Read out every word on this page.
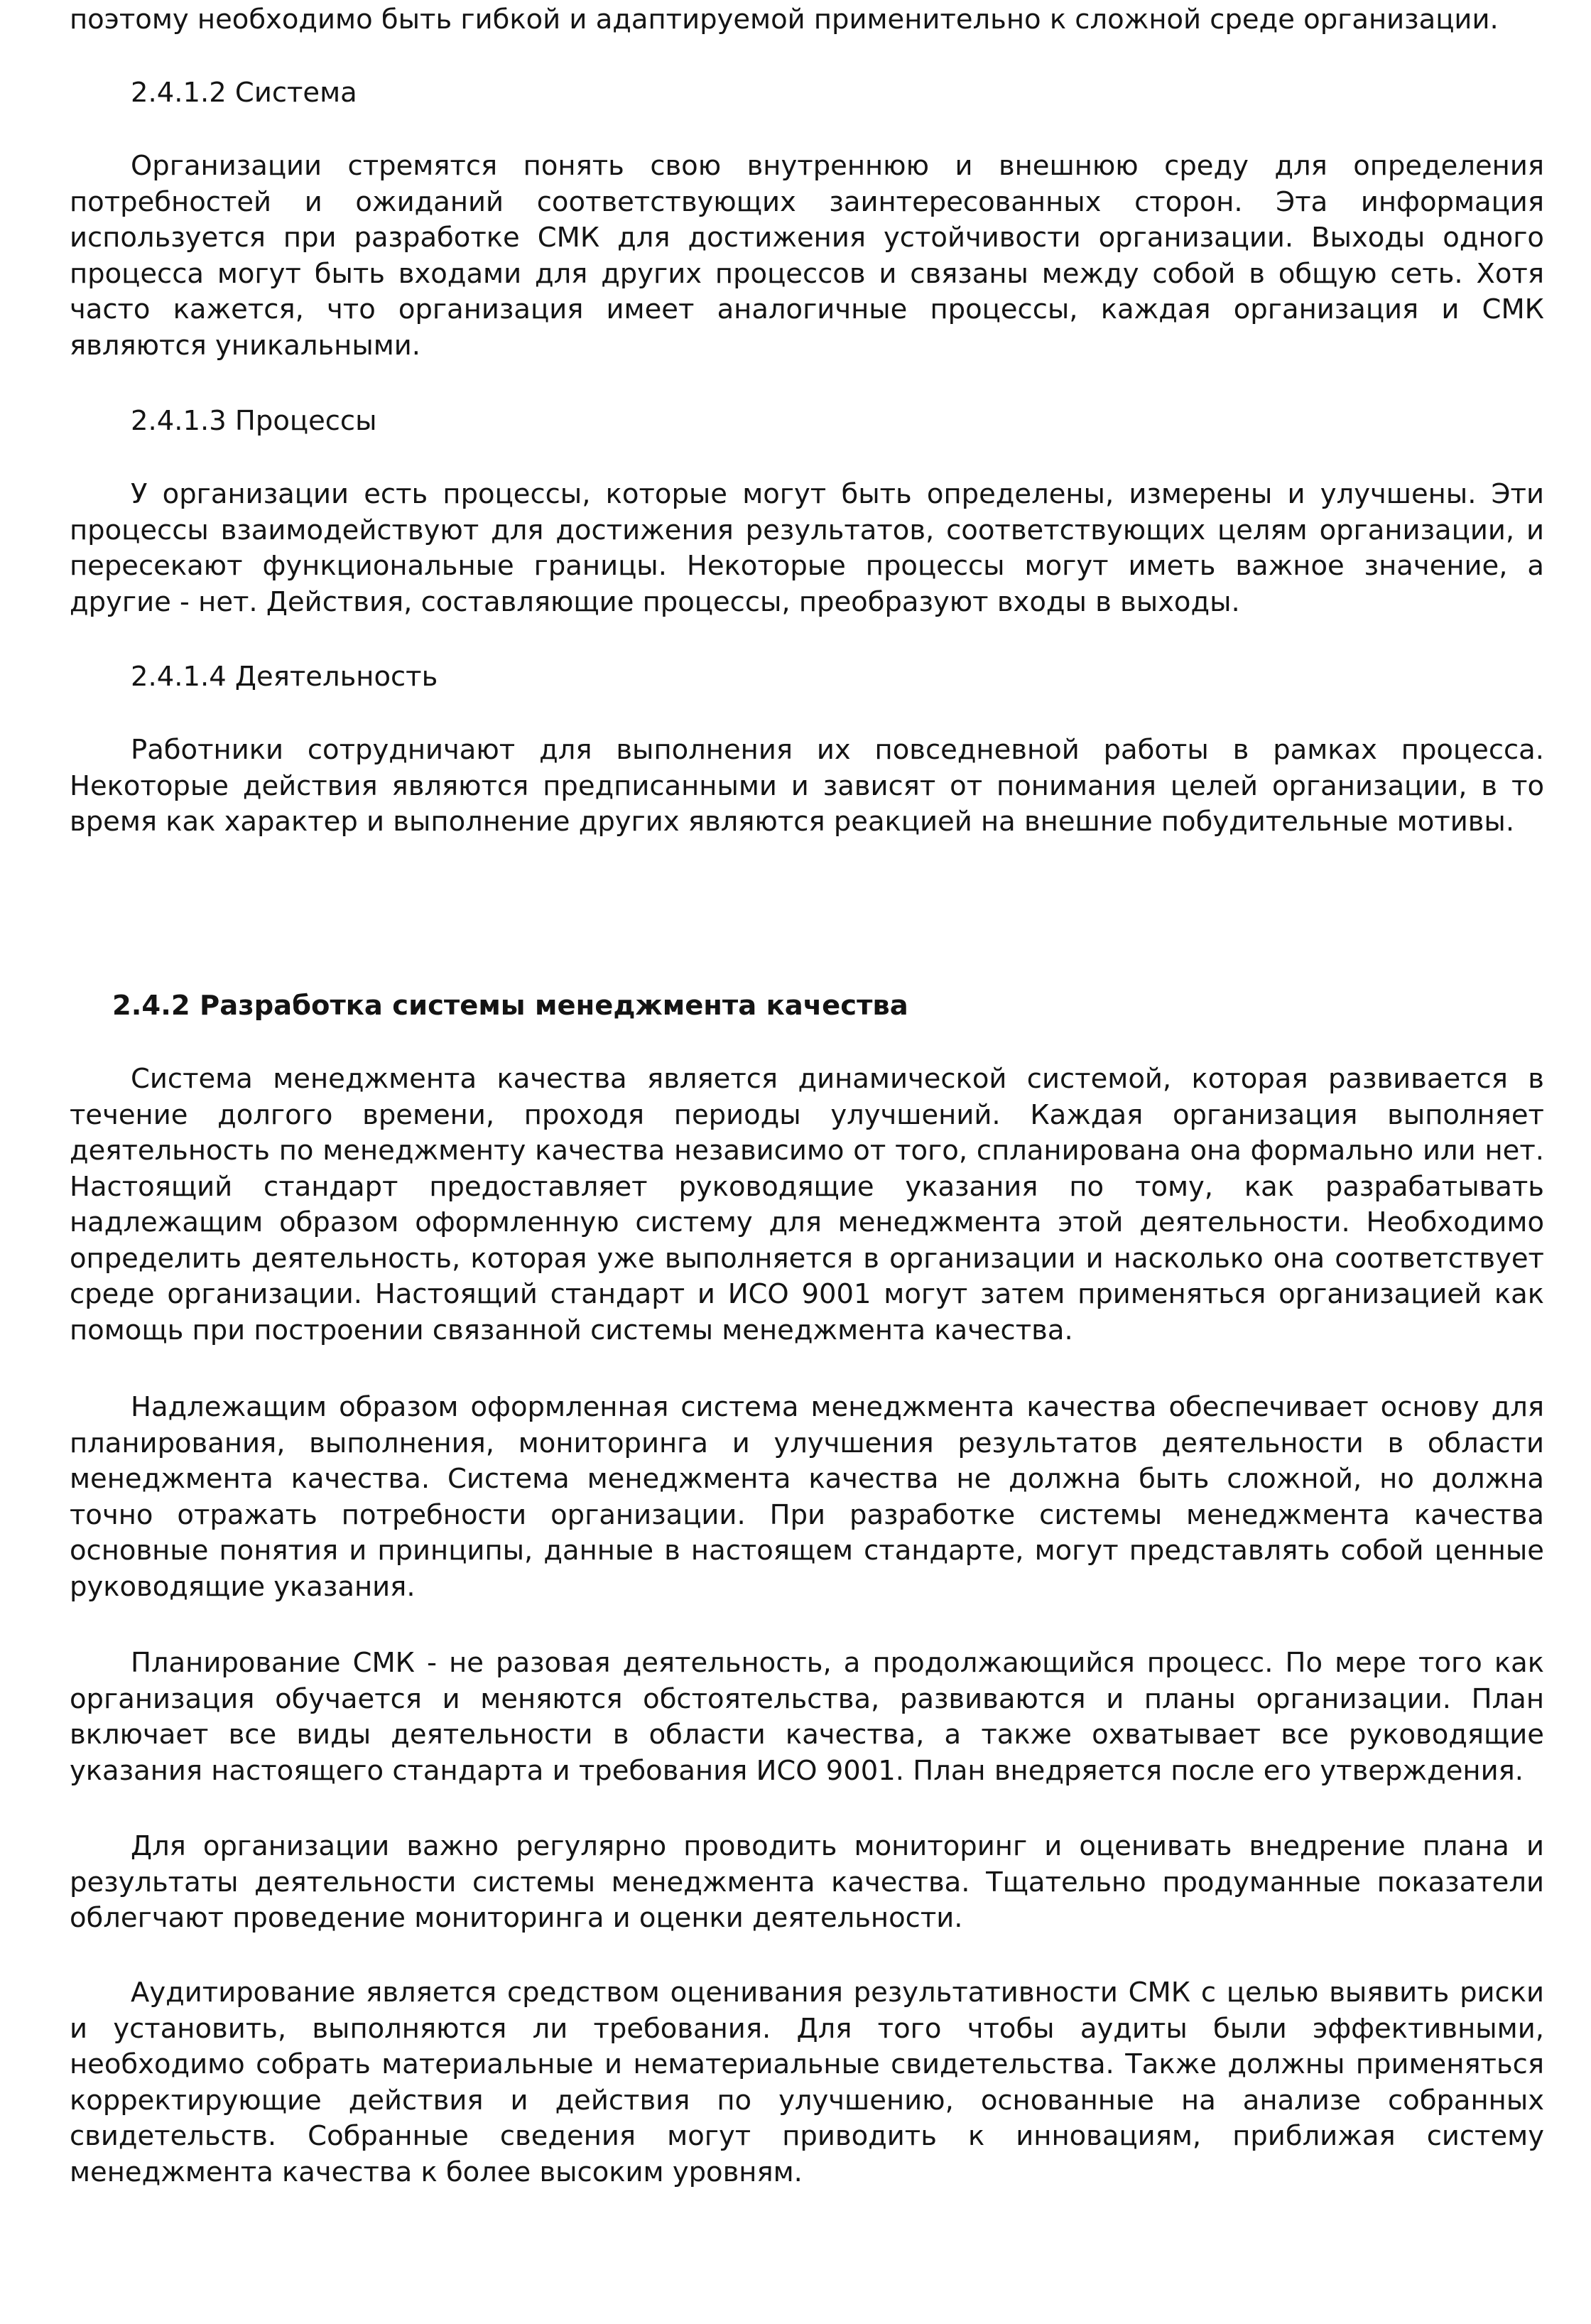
поэтому необходимо быть гибкой и адаптируемой применительно к сложной среде организации.

2.4.1.2 Система

Организации стремятся понять свою внутреннюю и внешнюю среду для определения потребностей и ожиданий соответствующих заинтересованных сторон. Эта информация используется при разработке СМК для достижения устойчивости организации. Выходы одного процесса могут быть входами для других процессов и связаны между собой в общую сеть. Хотя часто кажется, что организация имеет аналогичные процессы, каждая организация и СМК являются уникальными.

2.4.1.3 Процессы

У организации есть процессы, которые могут быть определены, измерены и улучшены. Эти процессы взаимодействуют для достижения результатов, соответствующих целям организации, и пересекают функциональные границы. Некоторые процессы могут иметь важное значение, а другие - нет. Действия, составляющие процессы, преобразуют входы в выходы.

2.4.1.4 Деятельность

Работники сотрудничают для выполнения их повседневной работы в рамках процесса. Некоторые действия являются предписанными и зависят от понимания целей организации, в то время как характер и выполнение других являются реакцией на внешние побудительные мотивы.

2.4.2 Разработка системы менеджмента качества

Система менеджмента качества является динамической системой, которая развивается в течение долгого времени, проходя периоды улучшений. Каждая организация выполняет деятельность по менеджменту качества независимо от того, спланирована она формально или нет. Настоящий стандарт предоставляет руководящие указания по тому, как разрабатывать надлежащим образом оформленную систему для менеджмента этой деятельности. Необходимо определить деятельность, которая уже выполняется в организации и насколько она соответствует среде организации. Настоящий стандарт и ИСО 9001 могут затем применяться организацией как помощь при построении связанной системы менеджмента качества.

Надлежащим образом оформленная система менеджмента качества обеспечивает основу для планирования, выполнения, мониторинга и улучшения результатов деятельности в области менеджмента качества. Система менеджмента качества не должна быть сложной, но должна точно отражать потребности организации. При разработке системы менеджмента качества основные понятия и принципы, данные в настоящем стандарте, могут представлять собой ценные руководящие указания.

Планирование СМК - не разовая деятельность, а продолжающийся процесс. По мере того как организация обучается и меняются обстоятельства, развиваются и планы организации. План включает все виды деятельности в области качества, а также охватывает все руководящие указания настоящего стандарта и требования ИСО 9001. План внедряется после его утверждения.

Для организации важно регулярно проводить мониторинг и оценивать внедрение плана и результаты деятельности системы менеджмента качества. Тщательно продуманные показатели облегчают проведение мониторинга и оценки деятельности.

Аудитирование является средством оценивания результативности СМК с целью выявить риски и установить, выполняются ли требования. Для того чтобы аудиты были эффективными, необходимо собрать материальные и нематериальные свидетельства. Также должны применяться корректирующие действия и действия по улучшению, основанные на анализе собранных свидетельств. Собранные сведения могут приводить к инновациям, приближая систему менеджмента качества к более высоким уровням.
